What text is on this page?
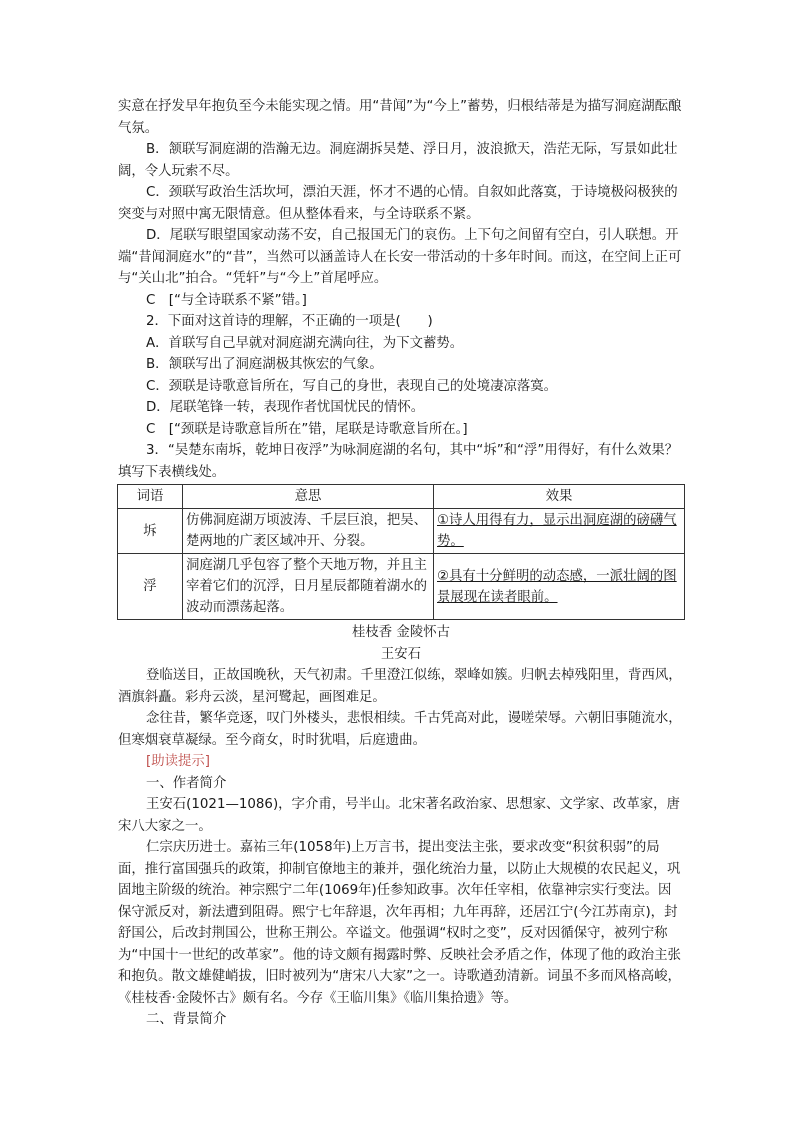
实意在抒发早年抱负至今未能实现之情。用“昔闻”为“今上”蓄势，归根结蒂是为描写洞庭湖酝酿气氛。

B．颔联写洞庭湖的浩瀚无边。洞庭湖拆吴楚、浮日月，波浪掀天，浩茫无际，写景如此壮阔，令人玩索不尽。

C．颈联写政治生活坎坷，漂泊天涯，怀才不遇的心情。自叙如此落寞，于诗境极闷极狭的突变与对照中寓无限情意。但从整体看来，与全诗联系不紧。

D．尾联写眼望国家动荡不安，自己报国无门的哀伤。上下句之间留有空白，引人联想。开端“昔闻洞庭水”的“昔”，当然可以涵盖诗人在长安一带活动的十多年时间。而这，在空间上正可与“关山北”拍合。“凭轩”与“今上”首尾呼应。

C　[“与全诗联系不紧”错。]

2．下面对这首诗的理解，不正确的一项是(　　)

A．首联写自己早就对洞庭湖充满向往，为下文蓄势。

B．颔联写出了洞庭湖极其恢宏的气象。

C．颈联是诗歌意旨所在，写自己的身世，表现自己的处境凄凉落寞。

D．尾联笔锋一转，表现作者忧国忧民的情怀。

C　[“颈联是诗歌意旨所在”错，尾联是诗歌意旨所在。]

3．“吴楚东南坼，乾坤日夜浮”为咏洞庭湖的名句，其中“坼”和“浮”用得好，有什么效果？填写下表横线处。

词语	意思	效果
坼	仿佛洞庭湖万顷波涛、千层巨浪，把吴、楚两地的广袤区域冲开、分裂。	①诗人用得有力，显示出洞庭湖的磅礴气势。
浮	洞庭湖几乎包容了整个天地万物，并且主宰着它们的沉浮，日月星辰都随着湖水的波动而漂荡起落。	②具有十分鲜明的动态感，一派壮阔的图景展现在读者眼前。

桂枝香 金陵怀古

王安石

登临送目，正故国晚秋，天气初肃。千里澄江似练，翠峰如簇。归帆去棹残阳里，背西风，酒旗斜矗。彩舟云淡，星河鹭起，画图难足。

念往昔，繁华竞逐，叹门外楼头，悲恨相续。千古凭高对此，谩嗟荣辱。六朝旧事随流水，但寒烟衰草凝绿。至今商女，时时犹唱，后庭遗曲。

[助读提示]

一、作者简介

王安石(1021—1086)，字介甫，号半山。北宋著名政治家、思想家、文学家、改革家，唐宋八大家之一。

仁宗庆历进士。嘉祐三年(1058年)上万言书，提出变法主张，要求改变“积贫积弱”的局面，推行富国强兵的政策，抑制官僚地主的兼并，强化统治力量，以防止大规模的农民起义，巩固地主阶级的统治。神宗熙宁二年(1069年)任参知政事。次年任宰相，依靠神宗实行变法。因保守派反对，新法遭到阻碍。熙宁七年辞退，次年再相；九年再辞，还居江宁(今江苏南京)，封舒国公，后改封荆国公，世称王荆公。卒谥文。他强调“权时之变”，反对因循保守，被列宁称为“中国十一世纪的改革家”。他的诗文颇有揭露时弊、反映社会矛盾之作，体现了他的政治主张和抱负。散文雄健峭拔，旧时被列为“唐宋八大家”之一。诗歌遒劲清新。词虽不多而风格高峻，《桂枝香·金陵怀古》颇有名。今存《王临川集》《临川集拾遗》等。

二、背景简介
